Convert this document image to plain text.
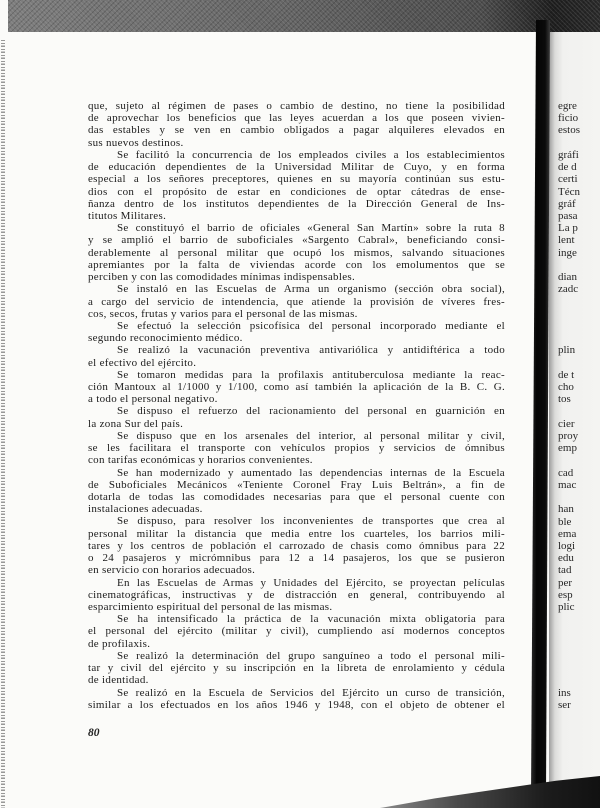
que, sujeto al régimen de pases o cambio de destino, no tiene la posibilidad
de aprovechar los beneficios que las leyes acuerdan a los que poseen vivien-
das estables y se ven en cambio obligados a pagar alquileres elevados en
sus nuevos destinos.
Se facilitó la concurrencia de los empleados civiles a los establecimientos
de educación dependientes de la Universidad Militar de Cuyo, y en forma
especial a los señores preceptores, quienes en su mayoría continúan sus estu-
dios con el propósito de estar en condiciones de optar cátedras de ense-
ñanza dentro de los institutos dependientes de la Dirección General de Ins-
titutos Militares.
Se constituyó el barrio de oficiales «General San Martín» sobre la ruta 8
y se amplió el barrio de suboficiales «Sargento Cabral», beneficiando consi-
derablemente al personal militar que ocupó los mismos, salvando situaciones
apremiantes por la falta de viviendas acorde con los emolumentos que se
perciben y con las comodidades mínimas indispensables.
Se instaló en las Escuelas de Arma un organismo (sección obra social),
a cargo del servicio de intendencia, que atiende la provisión de víveres fres-
cos, secos, frutas y varios para el personal de las mismas.
Se efectuó la selección psicofísica del personal incorporado mediante el
segundo reconocimiento médico.
Se realizó la vacunación preventiva antivariólica y antidiftérica a todo
el efectivo del ejército.
Se tomaron medidas para la profilaxis antituberculosa mediante la reac-
ción Mantoux al 1/1000 y 1/100, como así también la aplicación de la B. C. G.
a todo el personal negativo.
Se dispuso el refuerzo del racionamiento del personal en guarnición en
la zona Sur del país.
Se dispuso que en los arsenales del interior, al personal militar y civil,
se les facilitara el transporte con vehículos propios y servicios de ómnibus
con tarifas económicas y horarios convenientes.
Se han modernizado y aumentado las dependencias internas de la Escuela
de Suboficiales Mecánicos «Teniente Coronel Fray Luis Beltrán», a fin de
dotarla de todas las comodidades necesarias para que el personal cuente con
instalaciones adecuadas.
Se dispuso, para resolver los inconvenientes de transportes que crea al
personal militar la distancia que media entre los cuarteles, los barrios mili-
tares y los centros de población el carrozado de chasis como ómnibus para 22
o 24 pasajeros y micrómnibus para 12 a 14 pasajeros, los que se pusieron
en servicio con horarios adecuados.
En las Escuelas de Armas y Unidades del Ejército, se proyectan películas
cinematográficas, instructivas y de distracción en general, contribuyendo al
esparcimiento espiritual del personal de las mismas.
Se ha intensificado la práctica de la vacunación mixta obligatoria para
el personal del ejército (militar y civil), cumpliendo así modernos conceptos
de profilaxis.
Se realizó la determinación del grupo sanguíneo a todo el personal mili-
tar y civil del ejército y su inscripción en la libreta de enrolamiento y cédula
de identidad.
Se realizó en la Escuela de Servicios del Ejército un curso de transición,
similar a los efectuados en los años 1946 y 1948, con el objeto de obtener el
80
egre
ficio
estos
gráfi
de d
certi
Técn
gráf
pasa
La p
lent
inge
dian
zadc
plin
de t
cho
tos
cier
proy
emp
cad
mac
han
ble
ema
logi
edu
tad
per
esp
plic
ins
ser
